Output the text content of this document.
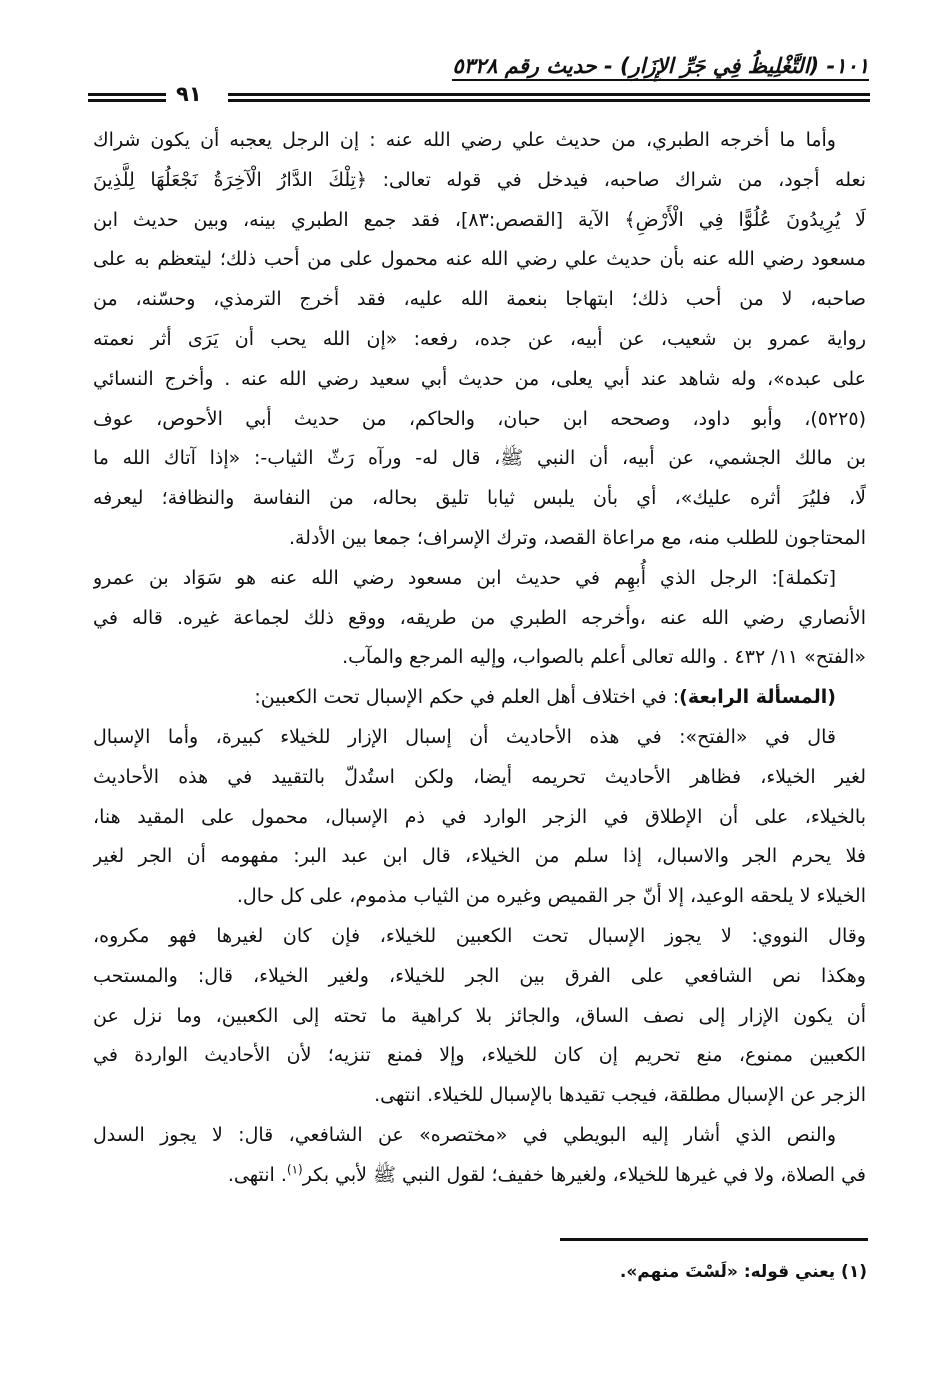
١٠١- (التَّغْلِيظُ فِي جَرِّ الإِزَارِ) - حديث رقم ٥٣٢٨
٩١
وأما ما أخرجه الطبري، من حديث علي رضي الله عنه : إن الرجل يعجبه أن يكون شراك
نعله أجود، من شراك صاحبه، فيدخل في قوله تعالى: ﴿تِلْكَ الدَّارُ الْآخِرَةُ نَجْعَلُهَا لِلَّذِينَ
لَا يُرِيدُونَ عُلُوًّا فِي الْأَرْضِ﴾ الآية [القصص:٨٣]، فقد جمع الطبري بينه، وبين حديث ابن
مسعود رضي الله عنه بأن حديث علي رضي الله عنه محمول على من أحب ذلك؛ ليتعظم به على
صاحبه، لا من أحب ذلك؛ ابتهاجا بنعمة الله عليه، فقد أخرج الترمذي، وحسّنه، من
رواية عمرو بن شعيب، عن أبيه، عن جده، رفعه: «إن الله يحب أن يَرَى أثر نعمته
على عبده»، وله شاهد عند أبي يعلى، من حديث أبي سعيد رضي الله عنه . وأخرج النسائي
(٥٢٢٥)، وأبو داود، وصححه ابن حبان، والحاكم، من حديث أبي الأحوص، عوف
بن مالك الجشمي، عن أبيه، أن النبي ﷺ، قال له- ورآه رَثّ الثياب-: «إذا آتاك الله ما
لًا، فليُرَ أثره عليك»، أي بأن يلبس ثيابا تليق بحاله، من النفاسة والنظافة؛ ليعرفه
المحتاجون للطلب منه، مع مراعاة القصد، وترك الإسراف؛ جمعا بين الأدلة.
[تكملة]: الرجل الذي أُبهِم في حديث ابن مسعود رضي الله عنه هو سَوَاد بن عمرو
الأنصاري رضي الله عنه ،وأخرجه الطبري من طريقه، ووقع ذلك لجماعة غيره. قاله في
«الفتح» ١١/ ٤٣٢ . والله تعالى أعلم بالصواب، وإليه المرجع والمآب.
(المسألة الرابعة): في اختلاف أهل العلم في حكم الإسبال تحت الكعبين:
قال في «الفتح»: في هذه الأحاديث أن إسبال الإزار للخيلاء كبيرة، وأما الإسبال
لغير الخيلاء، فظاهر الأحاديث تحريمه أيضا، ولكن استُدلّ بالتقييد في هذه الأحاديث
بالخيلاء، على أن الإطلاق في الزجر الوارد في ذم الإسبال، محمول على المقيد هنا،
فلا يحرم الجر والاسبال، إذا سلم من الخيلاء، قال ابن عبد البر: مفهومه أن الجر لغير
الخيلاء لا يلحقه الوعيد، إلا أنّ جر القميص وغيره من الثياب مذموم، على كل حال.
وقال النووي: لا يجوز الإسبال تحت الكعبين للخيلاء، فإن كان لغيرها فهو مكروه،
وهكذا نص الشافعي على الفرق بين الجر للخيلاء، ولغير الخيلاء، قال: والمستحب
أن يكون الإزار إلى نصف الساق، والجائز بلا كراهية ما تحته إلى الكعبين، وما نزل عن
الكعبين ممنوع، منع تحريم إن كان للخيلاء، وإلا فمنع تنزيه؛ لأن الأحاديث الواردة في
الزجر عن الإسبال مطلقة، فيجب تقيدها بالإسبال للخيلاء. انتهى.
والنص الذي أشار إليه البويطي في «مختصره» عن الشافعي، قال: لا يجوز السدل
في الصلاة، ولا في غيرها للخيلاء، ولغيرها خفيف؛ لقول النبي ﷺ لأبي بكر$^{(١)}$. انتهى.
(١) يعني قوله: «لَسْتَ منهم».
